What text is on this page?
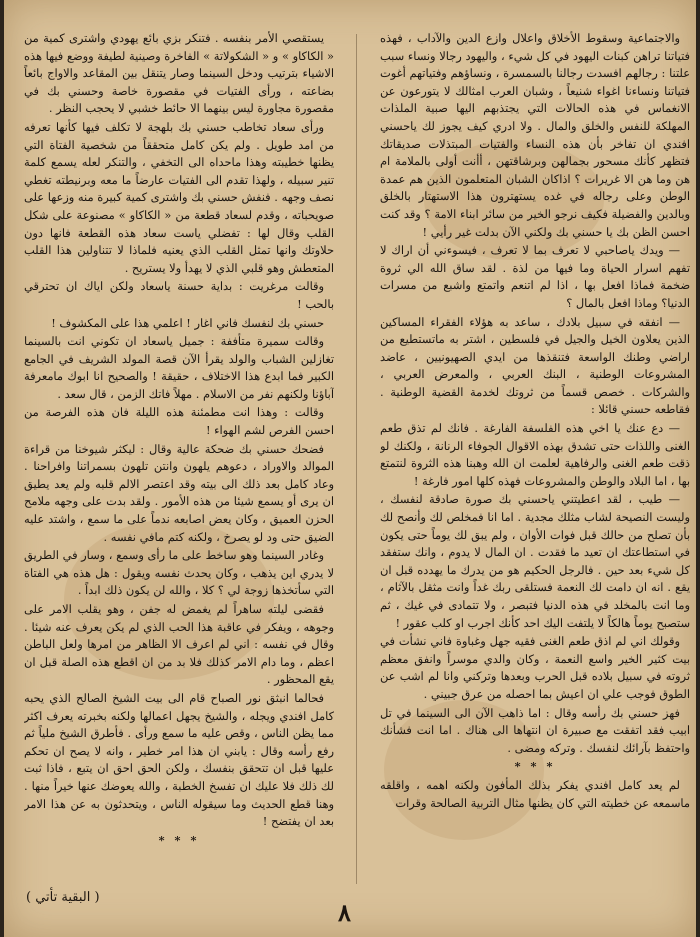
والاجتماعية وسقوط الأخلاق واعلال وازع الدين والآداب ، فهذه فتياتنا تراهن كبنات اليهود في كل شيء ، واليهود رجالا ونساء سبب علتنا : رجالهم افسدت رجالنا بالسمسرة ، ونساؤهم وفتياتهم أغوت فتياتنا ونساءنا اغواء شنيعاً ، وشبان العرب امثالك لا يتورعون عن الانغماس في هذه الحالات التي يجتذبهم اليها صبية الملذات المهلكة للنفس والخلق والمال . ولا ادري كيف يجوز لك ياحسني افندي ان تفاخر بأن هذه النساء والفتيات المبتذلات صديقاتك فتظهر كأنك مسحور بجمالهن وبرشاقتهن ، أأنت أولى بالملامة ام هن وما هن الا غريرات ؟ اذاكان الشبان المتعلمون الذين هم عمدة الوطن وعلى رجاله في غده يستهترون هذا الاستهتار بالخلق وبالدين والفضيلة فكيف نرجو الخير من سائر ابناء الامة ؟ وقد كنت احسن الظن بك يا حسني بك ولكني الآن بدلت غير رأيي !

— ويدك ياصاحبي لا تعرف بما لا تعرف ، فيسوءني أن اراك لا تفهم اسرار الحياة وما فيها من لذة . لقد ساق الله الي ثروة ضخمة فماذا افعل بها ، اذا لم اتنعم واتمتع واشبع من مسرات الدنيا؟ وماذا افعل بالمال ؟

— انفقه في سبيل بلادك ، ساعد به هؤلاء الفقراء المساكين الذين يعلاون الخيل والجيل في فلسطين ، اشتر به ماتستطيع من اراضي وطنك الواسعة فتنقذها من ايدي الصهيونيين ، عاضد المشروعات الوطنية ، البنك العربي ، والمعرض العربي ، والشركات . خصص قسماً من ثروتك لخدمة القضية الوطنية . فقاطعه حسني قائلا :

— دع عنك يا اخي هذه الفلسفة الفارغة . فانك لم تذق طعم الغنى واللذات حتى تشدق بهذه الاقوال الجوفاء الرنانة ، ولكنك لو ذقت طعم الغنى والرفاهية لعلمت ان الله وهبنا هذه الثروة لنتمتع بها ، اما البلاد والوطن والمشروعات فهذه كلها امور فارغة !

— طيب ، لقد اعطيتني ياحسني بك صورة صادقة لنفسك ، وليست النصيحة لشاب مثلك مجدية . اما انا فمخلص لك وأنصح لك بأن تصلح من حالك قبل فوات الأوان ، ولم يبق لك يوماً حتى يكون في استطاعتك ان تعيد ما فقدت . ان المال لا يدوم ، وانك ستفقد كل شيء بعد حين . فالرجل الحكيم هو من يدرك ما يهدده قبل ان يقع . انه ان دامت لك النعمة فستلقى ربك غداً وانت مثقل بالآثام ، وما انت بالمخلد في هذه الدنيا فتبصر ، ولا تتمادى في غيك ، ثم ستصبح يوماً هالكاً لا يلتفت اليك احد كأنك اجرب او كلب عقور !

وقولك اني لم اذق طعم الغنى فقيه جهل وغباوة فاني نشأت في بيت كثير الخير واسع النعمة ، وكان والدي موسراً وانفق معظم ثروته في سبيل بلاده قبل الحرب وبعدها وتركني وانا لم اشب عن الطوق فوجب علي ان اعيش بما احصله من عرق جبيني .

فهز حسني بك رأسه وقال : اما ذاهب الآن الى السينما في تل ابيب فقد اتفقت مع صبيرة ان انتهاها الى هناك . اما انت فشأنك واحتفظ بآرائك لنفسك . وتركه ومضى .

* * *

لم يعد كامل افندي يفكر بذلك المأفون ولكنه اهمه ، واقلقه ماسمعه عن خطيته التي كان يظنها مثال التربية الصالحة وقرات

يستقصي الأمر بنفسه . فتنكر بزي بائع يهودي واشترى كمية من « الكاكاو » و « الشكولاتة » الفاخرة وصينية لطيفة ووضع فيها هذه الاشياء بترتيب ودخل السينما وصار يتنقل بين المقاعد والاواج بائعاً بضاعته ، ورأى الفتيات في مقصورة خاصة وحسني بك في مقصورة مجاورة ليس بينهما الا حائط خشبي لا يحجب النظر .

ورأى سعاد تخاطب حسني بك بلهجة لا تكلف فيها كأنها تعرفه من امد طويل . ولم يكن كامل متحققاً من شخصية الفتاة التي يظنها خطيبته وهذا ماحداه الى التخفي ، والتنكر لعله يسمع كلمة تنير سبيله ، ولهذا تقدم الى الفتيات عارضاً ما معه وبرنيطته تغطي نصف وجهه . فنفش حسني بك واشترى كمية كبيرة منه وزعها على صويحباته ، وقدم لسعاد قطعة من « الكاكاو » مصنوعة على شكل القلب وقال لها : تفضلي ياست سعاد هذه القطعة فانها دون حلاوتك وانها تمثل القلب الذي يعنيه فلماذا لا تتناولين هذا القلب المتعطش وهو قلبي الذي لا يهدأ ولا يستريح .

وقالت مرغريت : بداية حسنة ياسعاد ولكن اياك ان تحترقي بالحب !

حسني بك لنفسك فاني اغار ! اعلمي هذا على المكشوف !

وقالت سميرة متأففة : جميل ياسعاد ان تكوني انت بالسينما تغازلين الشباب والولد يقرأ الآن قصة المولد الشريف في الجامع الكبير فما ابدع هذا الاختلاف ، حقيقة ! والصحيح انا ابوك مامعرفة آباؤنا ولكنهم نفر من الاسلام . مهلاً فاتك الزمن ، قال سعد .

وقالت : وهذا انت مطمئنة هذه الليلة فان هذه الفرصة من احسن الفرص لشم الهواء !

فضحك حسني بك ضحكة عالية وقال : ليكثر شيوخنا من قراءة الموالد والاوراد ، دعوهم يلهون وانتن تلهون بسمراتنا وافراحنا . وعاد كامل بعد ذلك الى بيته وقد اعتصر الالم قلبه ولم يعد يطيق ان يرى أو يسمع شيئا من هذه الأمور . ولقد بدت على وجهه ملامح الحزن العميق ، وكان يعض اصابعه ندماً على ما سمع ، واشتد عليه الضيق حتى ود لو يصرخ ، ولكنه كتم مافي نفسه .

وغادر السينما وهو ساخط على ما رأى وسمع ، وسار في الطريق لا يدري اين يذهب ، وكان يحدث نفسه ويقول : هل هذه هي الفتاة التي سأتخذها زوجة لي ؟ كلا ، والله لن يكون ذلك ابداً .

فقضى ليلته ساهراً لم يغمض له جفن ، وهو يقلب الامر على وجوهه ، ويفكر في عاقبة هذا الحب الذي لم يكن يعرف عنه شيئا . وقال في نفسه : اني لم اعرف الا الظاهر من امرها ولعل الباطن اعظم ، وما دام الامر كذلك فلا بد من ان اقطع هذه الصلة قبل ان يقع المحظور .

فحالما انبثق نور الصباح قام الى بيت الشيخ الصالح الذي يحبه كامل افندي ويجله ، والشيخ يجهل اعمالها ولكنه بخبرته يعرف اكثر مما يظن الناس ، وقص عليه ما سمع ورأى . فأطرق الشيخ ملياً ثم رفع رأسه وقال : يابني ان هذا امر خطير ، وانه لا يصح ان تحكم عليها قبل ان تتحقق بنفسك ، ولكن الحق احق ان يتبع ، فاذا ثبت لك ذلك فلا عليك ان تفسخ الخطبة ، والله يعوضك عنها خيراً منها . وهنا قطع الحديث وما سيقوله الناس ، ويتحدثون به عن هذا الامر بعد ان يفتضح !

* * *

( البقية تأتي )
٨
